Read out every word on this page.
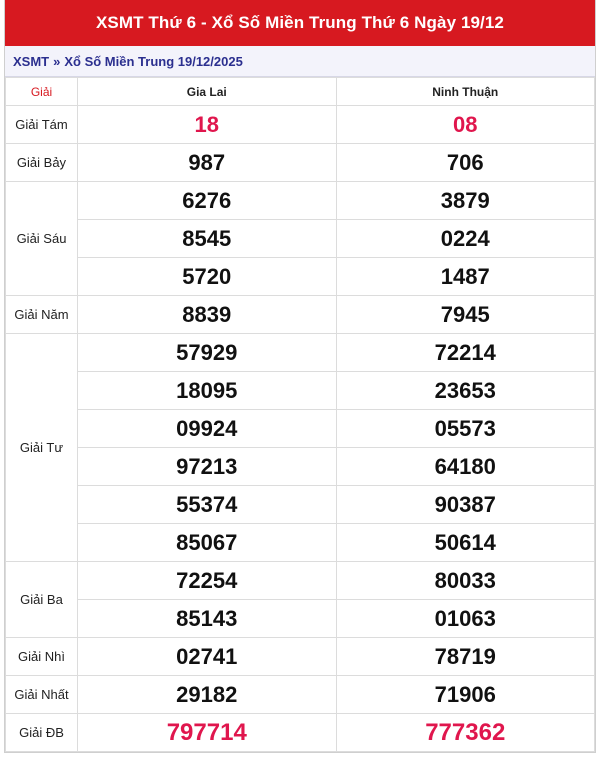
XSMT Thứ 6 - Xổ Số Miền Trung Thứ 6 Ngày 19/12
XSMT » Xổ Số Miền Trung 19/12/2025
Giải	Gia Lai	Ninh Thuận
Giải Tám	18	08
Giải Bảy	987	706
Giải Sáu	6276	3879
	8545	0224
	5720	1487
Giải Năm	8839	7945
Giải Tư	57929	72214
	18095	23653
	09924	05573
	97213	64180
	55374	90387
	85067	50614
Giải Ba	72254	80033
	85143	01063
Giải Nhì	02741	78719
Giải Nhất	29182	71906
Giải ĐB	797714	777362
